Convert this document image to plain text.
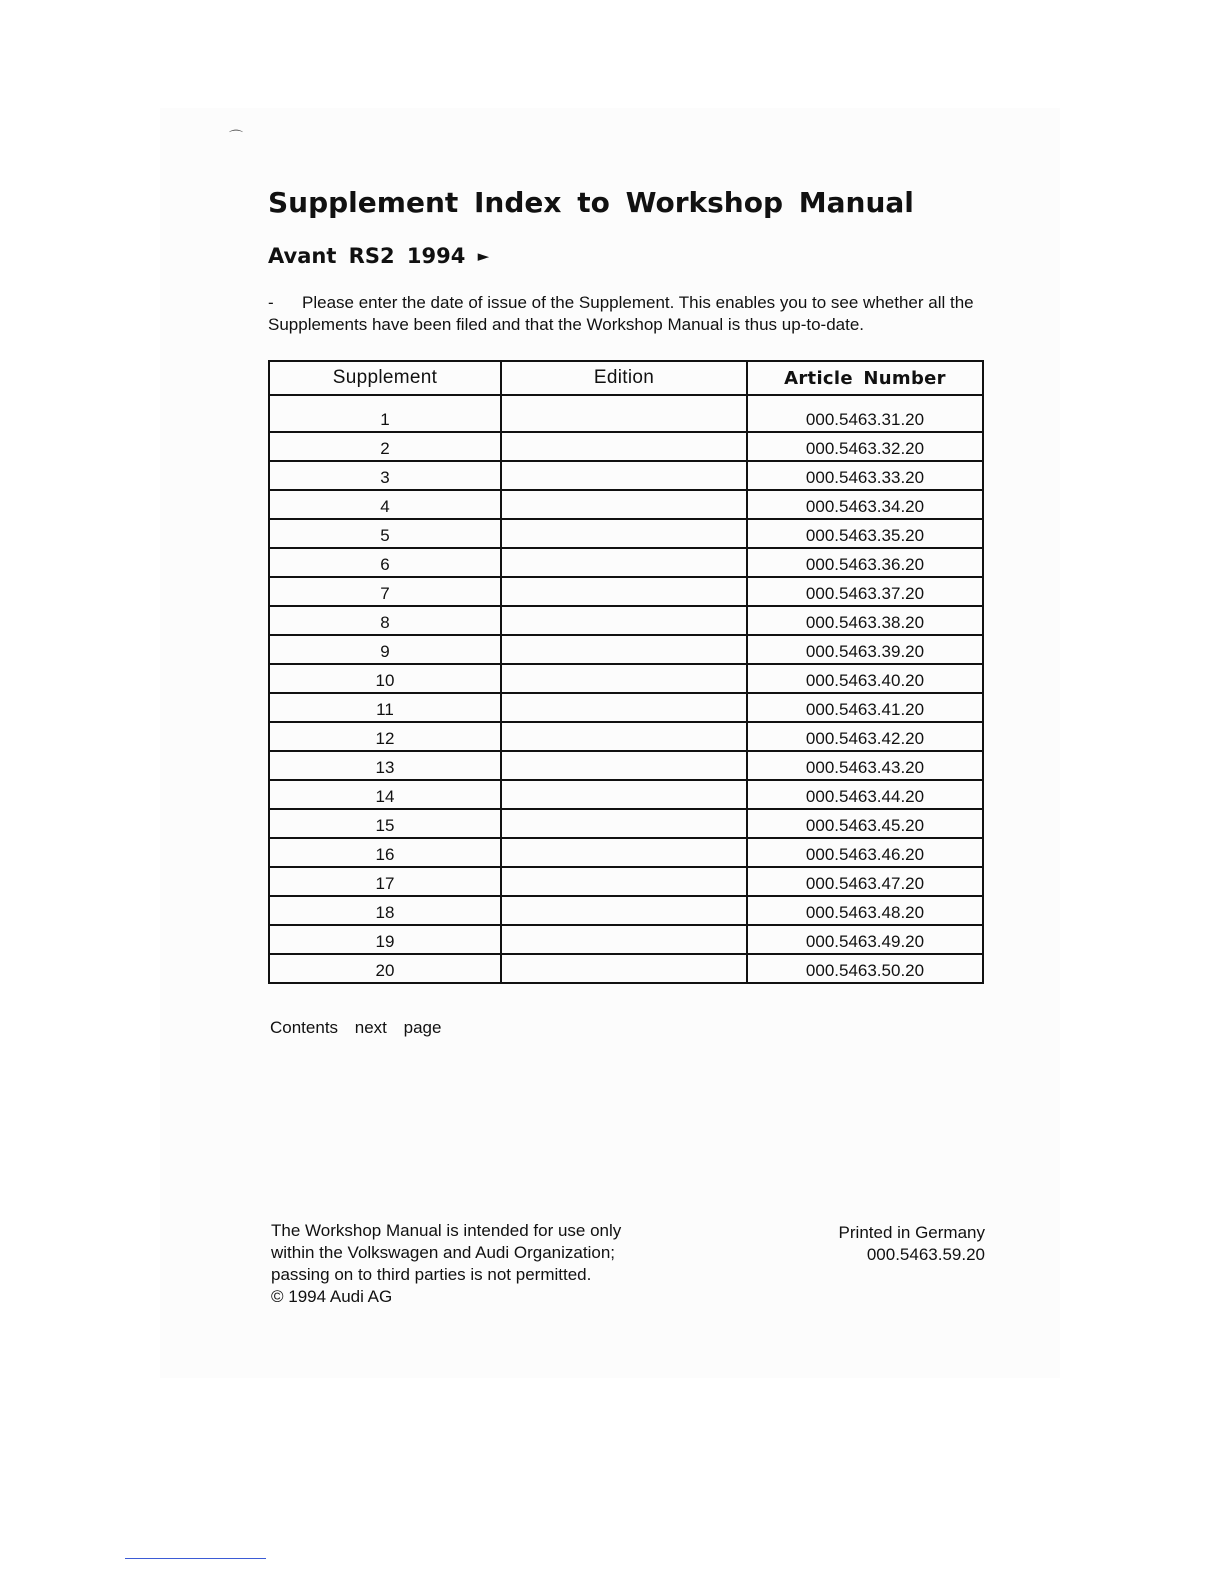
⌒
Supplement Index to Workshop Manual
Avant RS2 1994 ►

- Please enter the date of issue of the Supplement. This enables you to see whether all the Supplements have been filed and that the Workshop Manual is thus up-to-date.

Supplement	Edition	Article Number
1		000.5463.31.20
2		000.5463.32.20
3		000.5463.33.20
4		000.5463.34.20
5		000.5463.35.20
6		000.5463.36.20
7		000.5463.37.20
8		000.5463.38.20
9		000.5463.39.20
10		000.5463.40.20
11		000.5463.41.20
12		000.5463.42.20
13		000.5463.43.20
14		000.5463.44.20
15		000.5463.45.20
16		000.5463.46.20
17		000.5463.47.20
18		000.5463.48.20
19		000.5463.49.20
20		000.5463.50.20

Contents next page

The Workshop Manual is intended for use only
within the Volkswagen and Audi Organization;
passing on to third parties is not permitted.
© 1994 Audi AG
Printed in Germany
000.5463.59.20
